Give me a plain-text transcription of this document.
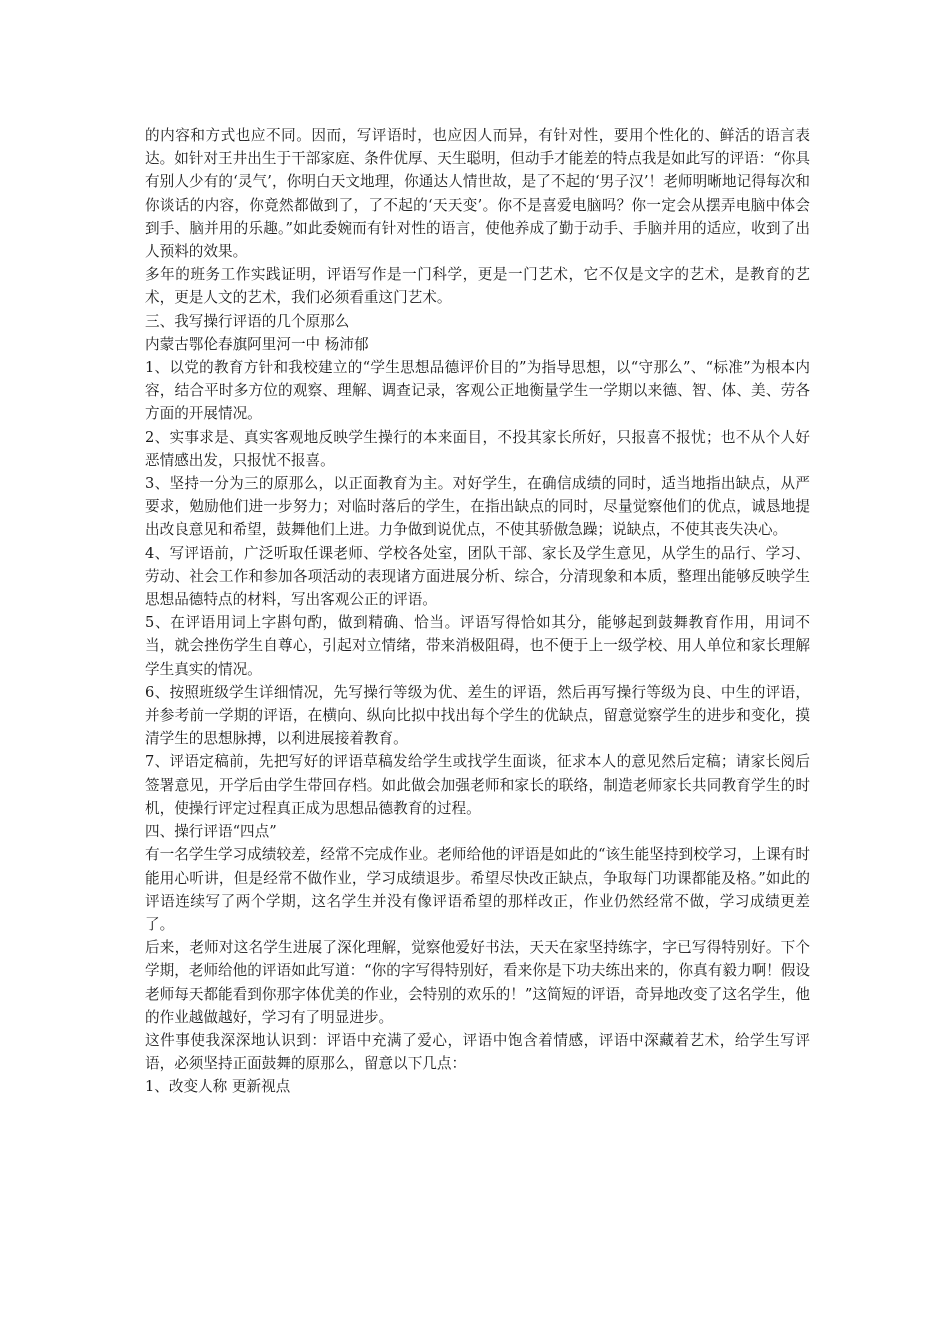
的内容和方式也应不同。因而，写评语时，也应因人而异，有针对性，要用个性化的、鲜活的语言表达。如针对王井出生于干部家庭、条件优厚、天生聪明，但动手才能差的特点我是如此写的评语：“你具有别人少有的‘灵气’，你明白天文地理，你通达人情世故，是了不起的‘男子汉’！老师明晰地记得每次和你谈话的内容，你竟然都做到了，了不起的‘天天变’。你不是喜爱电脑吗？你一定会从摆弄电脑中体会到手、脑并用的乐趣。”如此委婉而有针对性的语言，使他养成了勤于动手、手脑并用的适应，收到了出人预料的效果。

多年的班务工作实践证明，评语写作是一门科学，更是一门艺术，它不仅是文字的艺术，是教育的艺术，更是人文的艺术，我们必须看重这门艺术。

三、我写操行评语的几个原那么

内蒙古鄂伦春旗阿里河一中 杨沛郁

1、以党的教育方针和我校建立的“学生思想品德评价目的”为指导思想，以“守那么”、“标准”为根本内容，结合平时多方位的观察、理解、调查记录，客观公正地衡量学生一学期以来德、智、体、美、劳各方面的开展情况。

2、实事求是、真实客观地反映学生操行的本来面目，不投其家长所好，只报喜不报忧；也不从个人好恶情感出发，只报忧不报喜。

3、坚持一分为三的原那么，以正面教育为主。对好学生，在确信成绩的同时，适当地指出缺点，从严要求，勉励他们进一步努力；对临时落后的学生，在指出缺点的同时，尽量觉察他们的优点，诚恳地提出改良意见和希望，鼓舞他们上进。力争做到说优点，不使其骄傲急躁；说缺点，不使其丧失决心。

4、写评语前，广泛听取任课老师、学校各处室，团队干部、家长及学生意见，从学生的品行、学习、劳动、社会工作和参加各项活动的表现诸方面进展分析、综合，分清现象和本质，整理出能够反映学生思想品德特点的材料，写出客观公正的评语。

5、在评语用词上字斟句酌，做到精确、恰当。评语写得恰如其分，能够起到鼓舞教育作用，用词不当，就会挫伤学生自尊心，引起对立情绪，带来消极阻碍，也不便于上一级学校、用人单位和家长理解学生真实的情况。

6、按照班级学生详细情况，先写操行等级为优、差生的评语，然后再写操行等级为良、中生的评语，并参考前一学期的评语，在横向、纵向比拟中找出每个学生的优缺点，留意觉察学生的进步和变化，摸清学生的思想脉搏，以利进展接着教育。

7、评语定稿前，先把写好的评语草稿发给学生或找学生面谈，征求本人的意见然后定稿；请家长阅后签署意见，开学后由学生带回存档。如此做会加强老师和家长的联络，制造老师家长共同教育学生的时机，使操行评定过程真正成为思想品德教育的过程。

四、操行评语“四点”

有一名学生学习成绩较差，经常不完成作业。老师给他的评语是如此的“该生能坚持到校学习，上课有时能用心听讲，但是经常不做作业，学习成绩退步。希望尽快改正缺点，争取每门功课都能及格。”如此的评语连续写了两个学期，这名学生并没有像评语希望的那样改正，作业仍然经常不做，学习成绩更差了。

后来，老师对这名学生进展了深化理解，觉察他爱好书法，天天在家坚持练字，字已写得特别好。下个学期，老师给他的评语如此写道：“你的字写得特别好，看来你是下功夫练出来的，你真有毅力啊！假设老师每天都能看到你那字体优美的作业，会特别的欢乐的！”这简短的评语，奇异地改变了这名学生，他的作业越做越好，学习有了明显进步。

这件事使我深深地认识到：评语中充满了爱心，评语中饱含着情感，评语中深藏着艺术，给学生写评语，必须坚持正面鼓舞的原那么，留意以下几点：

1、改变人称 更新视点
